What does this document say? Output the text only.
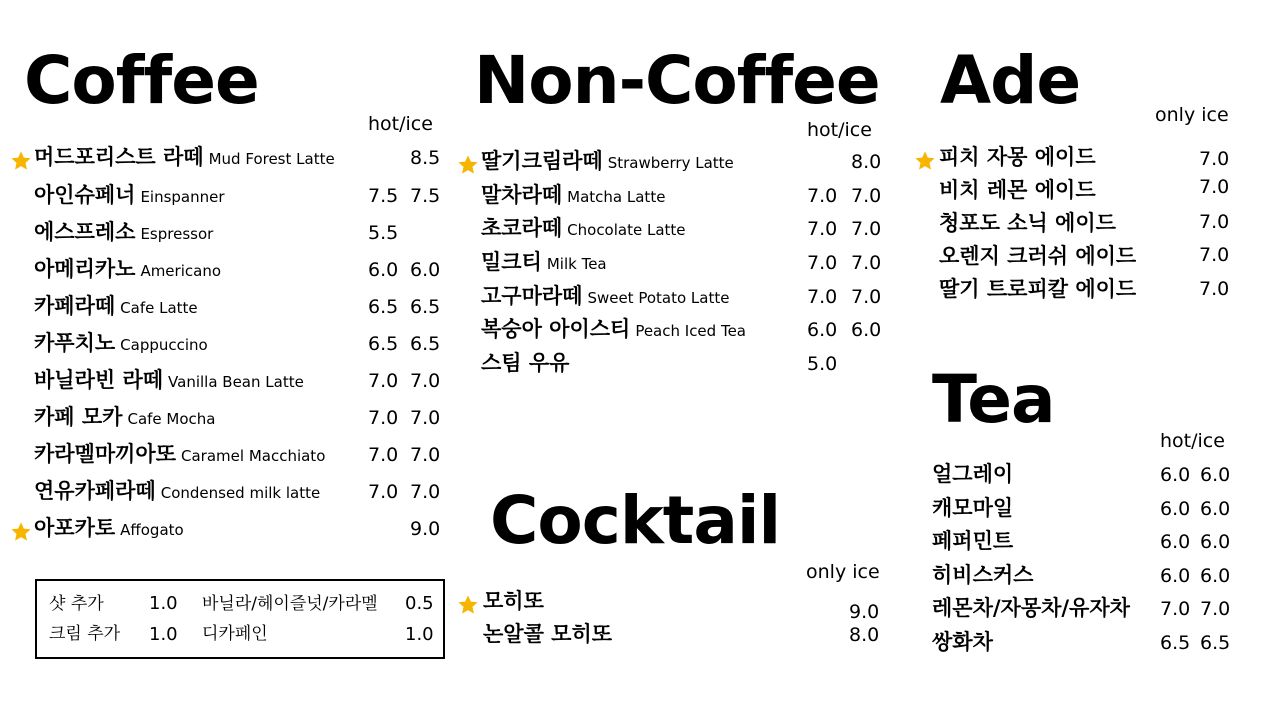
Coffee
hot/ice
머드포리스트 라떼 Mud Forest Latte	8.5
아인슈페너 Einspanner	7.5 7.5
에스프레소 Espressor	5.5
아메리카노 Americano	6.0 6.0
카페라떼 Cafe Latte	6.5 6.5
카푸치노 Cappuccino	6.5 6.5
바닐라빈 라떼 Vanilla Bean Latte	7.0 7.0
카페 모카 Cafe Mocha	7.0 7.0
카라멜마끼아또 Caramel Macchiato 7.0 7.0
연유카페라떼 Condensed milk latte	7.0 7.0
아포카토 Affogato	9.0
샷 추가	1.0 바닐라/헤이즐넛/카라멜 0.5
크림 추가 1.0 디카페인	1.0
Non-Coffee
hot/ice
딸기크림라떼 Strawberry Latte	8.0
말차라떼 Matcha Latte	7.0 7.0
초코라떼 Chocolate Latte	7.0 7.0
밀크티 Milk Tea	7.0 7.0
고구마라떼 Sweet Potato Latte	7.0 7.0
복숭아 아이스티 Peach Iced Tea	6.0 6.0
스팀 우유	5.0
Cocktail
only ice
모히또	9.0
논알콜 모히또	8.0
Ade	only ice
피치 자몽 에이드	7.0
비치 레몬 에이드	7.0
청포도 소닉 에이드	7.0
오렌지 크러쉬 에이드	7.0
딸기 트로피칼 에이드	7.0
Tea
hot/ice
얼그레이	6.0 6.0
캐모마일	6.0 6.0
페퍼민트	6.0 6.0
히비스커스	6.0 6.0
레몬차/자몽차/유자차 7.0 7.0
쌍화차	6.5 6.5
